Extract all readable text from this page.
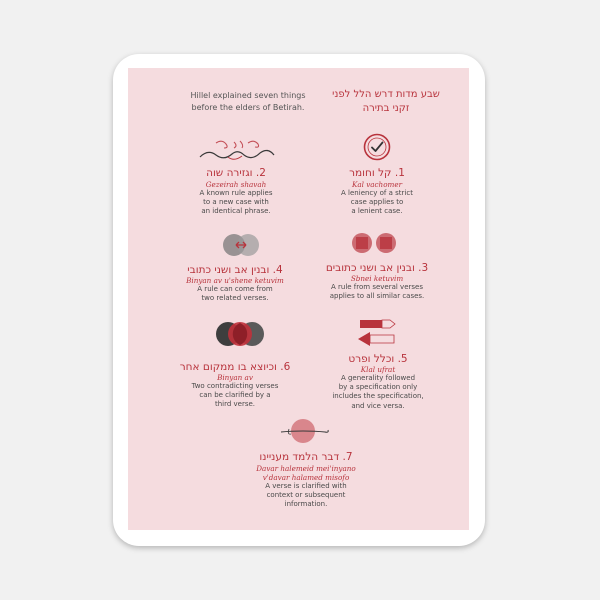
Hillel explained seven things
before the elders of Betirah.
שבע מדות דרש הלל לפני
זקני בתירה
1. קל וחומר
Kal vachomer
A leniency of a strict
case applies to
a lenient case.
2. וגזירה שוה
Gezeirah shavah
A known rule applies
to a new case with
an identical phrase.
3. ובנין אב ושני כתובים
Sbnei ketuvim
A rule from several verses
applies to all similar cases.
4. ובנין אב ושני כתובי
Binyan av u'shene ketuvim
A rule can come from
two related verses.
5. וכלל ופרט
Klal ufrat
A generality followed
by a specification only
includes the specification,
and vice versa.
6. וכיוצא בו ממקום אחר
Binyan av
Two contradicting verses
can be clarified by a
third verse.
7. דבר הלמד מעניינו
Davar halemeid mei'inyano
v'davar halamed misofo
A verse is clarified with
context or subsequent
information.
